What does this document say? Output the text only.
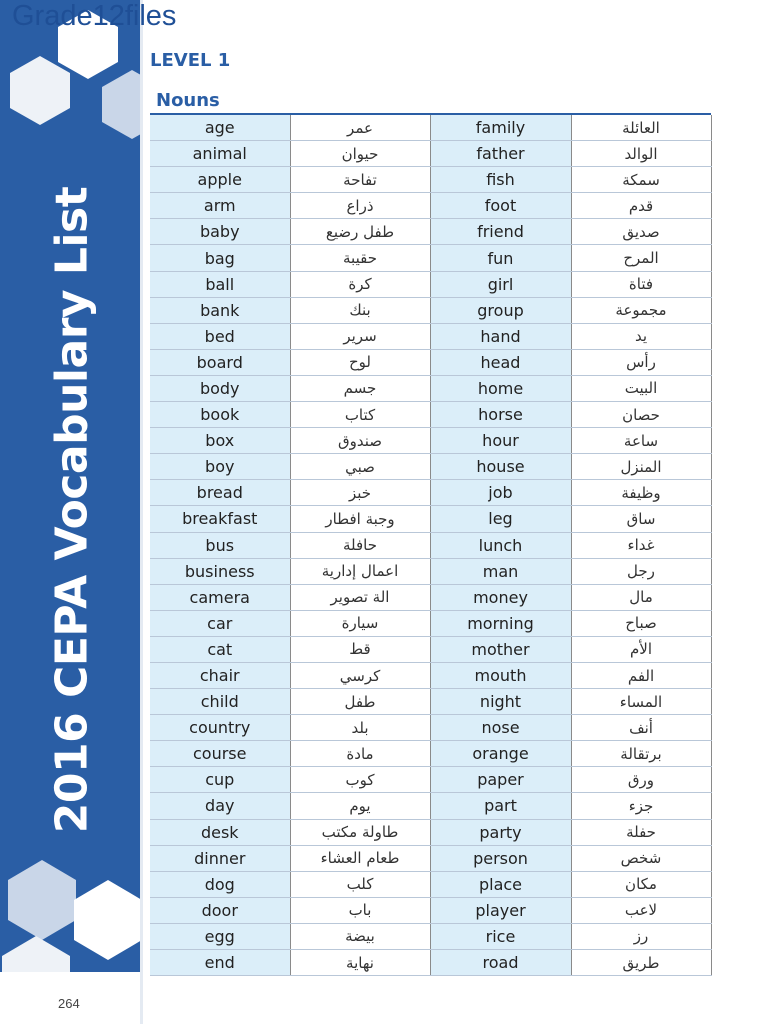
2016 CEPA Vocabulary List
264
Grade12files
LEVEL 1
Nouns
age	عمر	family	العائلة
animal	حيوان	father	الوالد
apple	تفاحة	fish	سمكة
arm	ذراع	foot	قدم
baby	طفل رضيع	friend	صديق
bag	حقيبة	fun	المرح
ball	كرة	girl	فتاة
bank	بنك	group	مجموعة
bed	سرير	hand	يد
board	لوح	head	رأس
body	جسم	home	البيت
book	كتاب	horse	حصان
box	صندوق	hour	ساعة
boy	صبي	house	المنزل
bread	خبز	job	وظيفة
breakfast	وجبة افطار	leg	ساق
bus	حافلة	lunch	غداء
business	اعمال إدارية	man	رجل
camera	الة تصوير	money	مال
car	سيارة	morning	صباح
cat	قط	mother	الأم
chair	كرسي	mouth	الفم
child	طفل	night	المساء
country	بلد	nose	أنف
course	مادة	orange	برتقالة
cup	كوب	paper	ورق
day	يوم	part	جزء
desk	طاولة مكتب	party	حفلة
dinner	طعام العشاء	person	شخص
dog	كلب	place	مكان
door	باب	player	لاعب
egg	بيضة	rice	رز
end	نهاية	road	طريق
